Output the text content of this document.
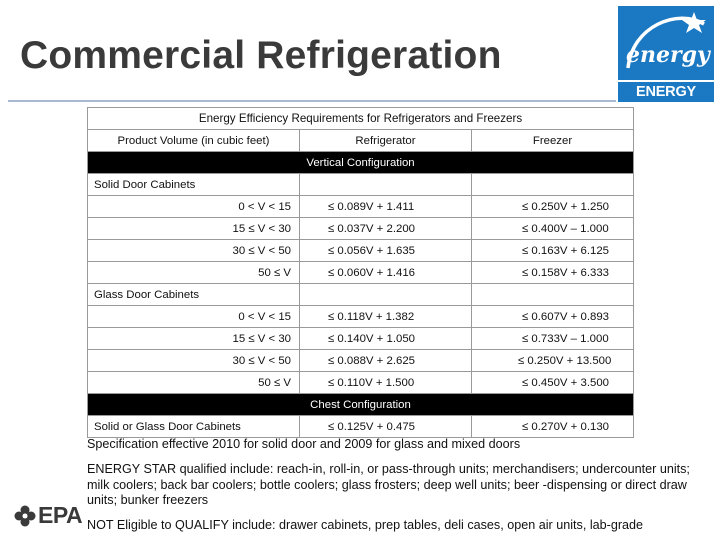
Commercial Refrigeration	energy
ENERGY STAR
Energy Efficiency Requirements for Refrigerators and Freezers		
Product Volume (in cubic feet)	Refrigerator	Freezer
Vertical Configuration		
Solid Door Cabinets		
0 < V < 15	≤ 0.089V + 1.411	≤ 0.250V + 1.250
15 ≤ V < 30	≤ 0.037V + 2.200	≤ 0.400V – 1.000
30 ≤ V < 50	≤ 0.056V + 1.635	≤ 0.163V + 6.125
50 ≤ V	≤ 0.060V + 1.416	≤ 0.158V + 6.333
Glass Door Cabinets		
0 < V < 15	≤ 0.118V + 1.382	≤ 0.607V + 0.893
15 ≤ V < 30	≤ 0.140V + 1.050	≤ 0.733V – 1.000
30 ≤ V < 50	≤ 0.088V + 2.625	≤ 0.250V + 13.500
50 ≤ V	≤ 0.110V + 1.500	≤ 0.450V + 3.500
Chest Configuration		
Solid or Glass Door Cabinets	≤ 0.125V + 0.475	≤ 0.270V + 0.130

Specification effective 2010 for solid door and 2009 for glass and mixed doors

ENERGY STAR qualified include: reach-in, roll-in, or pass-through units; merchandisers; undercounter units; milk coolers; back bar coolers; bottle coolers; glass frosters; deep well units; beer -dispensing or direct draw units; bunker freezers

NOT Eligible to QUALIFY include: drawer cabinets, prep tables, deli cases, open air units, lab-grade

EPA
